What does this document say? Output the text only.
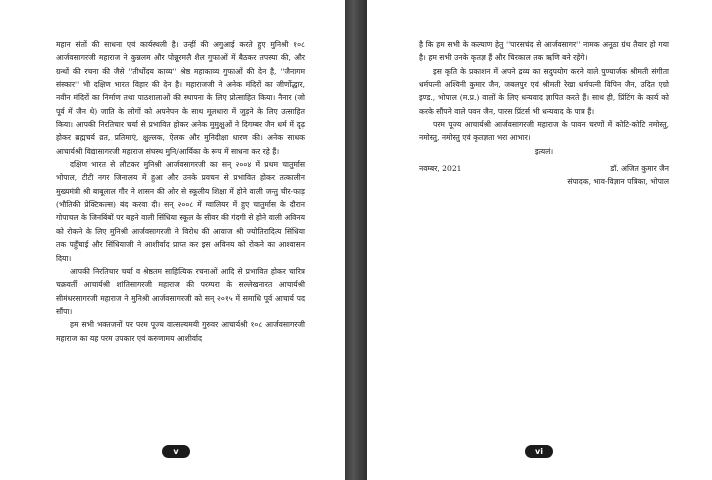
महान संतों की साधना एवं कार्यस्थली है। उन्हीं की अगुआई करते हुए मुनिश्री १०८ आर्जवसागरजी महाराज ने कुन्नलम और पोन्नूरमलै शैल गुफाओं में बैठकर तपस्या की, और ग्रन्थों की रचना की जैसे ''तीर्थोदय काव्य'' श्रेष्ठ महाकाव्य गुफाओं की देन है, ''जैनागम संस्कार'' भी दक्षिण भारत विहार की देन है। महाराजजी ने अनेक मंदिरों का जीर्णोद्धार, नवीन मंदिरों का निर्माण तथा पाठशालाओं की स्थापना के लिए प्रोत्साहित किया। नैनार (जो पूर्व में जैन थे) जाति के लोगों को अपनेपन के साथ मूलधारा में जुड़ने के लिए उत्साहित किया। आपकी निरतिचार चर्या से प्रभावित होकर अनेक मुमुक्षुओं ने दिगम्बर जैन धर्म में दृढ़ होकर ब्रह्मचर्य व्रत, प्रतिमाएं, क्षुल्लक, ऐलक और मुनिदीक्षा धारण की। अनेक साधक आचार्यश्री विद्यासागरजी महाराज संघस्थ मुनि/आर्यिका के रूप में साधना कर रहे हैं।

दक्षिण भारत से लौटकर मुनिश्री आर्जवसागरजी का सन् २००४ में प्रथम चातुर्मास भोपाल, टीटी नगर जिनालय में हुआ और उनके प्रवचन से प्रभावित होकर तत्कालीन मुख्यमंत्री श्री बाबूलाल गौर ने शासन की ओर से स्कूलीय शिक्षा में होने वाली जन्तु चीर-फाड़ (भौतिकी प्रेक्टिकल्स) बंद करवा दी। सन् २००८ में ग्वालियर में हुए चातुर्मास के दौरान गोपाचल के जिनबिंबों पर बहने वाली सिंधिया स्कूल के सीवर की गंदगी से होने वाली अविनय को रोकने के लिए मुनिश्री आर्जवसागरजी ने विरोध की आवाज श्री ज्योतिरादित्य सिंधिया तक पहुँचाई और सिंधियाजी ने आशीर्वाद प्राप्त कर इस अविनय को रोकने का आश्वासन दिया।

आपकी निरतिचार चर्या व श्रेष्ठतम साहित्यिक रचनाओं आदि से प्रभावित होकर चारित्र चक्रवर्ती आचार्यश्री शांतिसागरजी महाराज की परम्परा के सल्लेखनारत आचार्यश्री सीमंधरसागरजी महाराज ने मुनिश्री आर्जवसागरजी को सन् २०१५ में समाधि पूर्व आचार्य पद सौंपा।

हम सभी भक्तजनों पर परम पूज्य वात्सल्यमयी गुरुवर आचार्यश्री १०८ आर्जवसागरजी महाराज का यह परम उपकार एवं करुणामय आशीर्वाद

v

है कि हम सभी के कल्याण हेतु ''पारसचंद से आर्जवसागर'' नामक अनूठा ग्रंथ तैयार हो गया है। हम सभी उनके कृतज्ञ हैं और चिरकाल तक ऋणि बने रहेंगे।

इस कृति के प्रकाशन में अपने द्रव्य का सदुपयोग करने वाले पुण्यार्जक श्रीमती संगीता धर्मपत्नी अश्विनी कुमार जैन, जबलपुर एवं श्रीमती रेखा धर्मपत्नी विपिन जैन, उदित एग्रो इण्ड., भोपाल (म.प्र.) वालों के लिए धन्यवाद ज्ञापित करते हैं। साथ ही, प्रिंटिंग के कार्य को करके सौंपने वाले पवन जैन, पारस प्रिंटर्स भी धन्यवाद के पात्र हैं।

परम पूज्य आचार्यश्री आर्जवसागरजी महाराज के पावन चरणों में कोटि-कोटि नमोस्तु, नमोस्तु, नमोस्तु एवं कृतज्ञता भरा आभार।

इत्यलं।

नवम्बर, 2021	डॉ. अजित कुमार जैन
संपादक, भाव-विज्ञान पत्रिका, भोपाल
vi
